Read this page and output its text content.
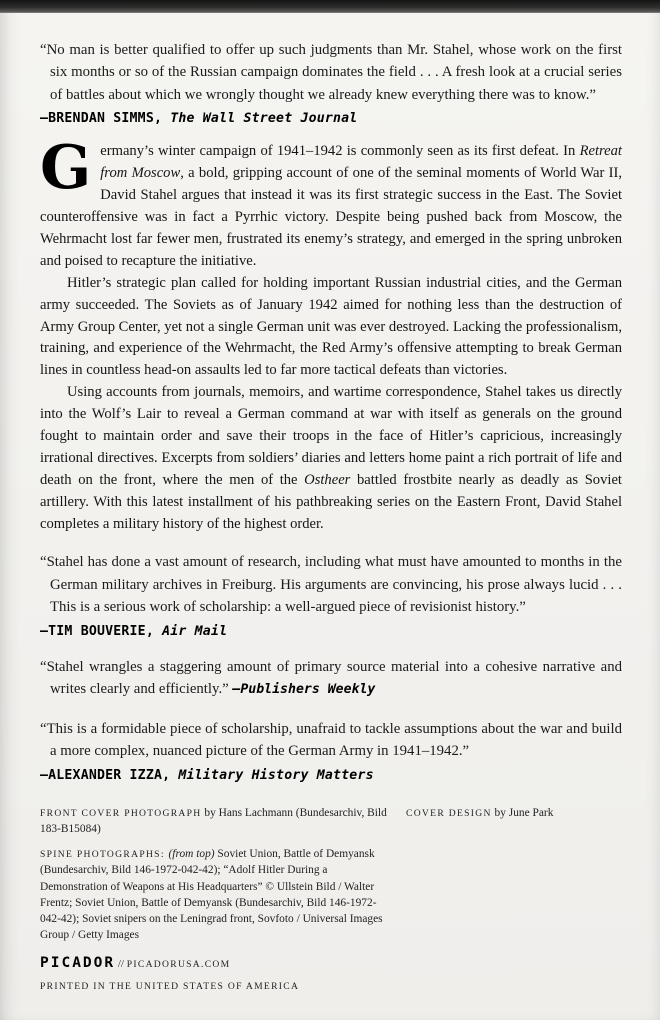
“No man is better qualified to offer up such judgments than Mr. Stahel, whose work on the first six months or so of the Russian campaign dominates the field . . . A fresh look at a crucial series of battles about which we wrongly thought we already knew everything there was to know.”

—BRENDAN SIMMS, The Wall Street Journal

Germany’s winter campaign of 1941–1942 is commonly seen as its first defeat. In Retreat from Moscow, a bold, gripping account of one of the seminal moments of World War II, David Stahel argues that instead it was its first strategic success in the East. The Soviet counteroffensive was in fact a Pyrrhic victory. Despite being pushed back from Moscow, the Wehrmacht lost far fewer men, frustrated its enemy’s strategy, and emerged in the spring unbroken and poised to recapture the initiative.

Hitler’s strategic plan called for holding important Russian industrial cities, and the German army succeeded. The Soviets as of January 1942 aimed for nothing less than the destruction of Army Group Center, yet not a single German unit was ever destroyed. Lacking the professionalism, training, and experience of the Wehrmacht, the Red Army’s offensive attempting to break German lines in countless head-on assaults led to far more tactical defeats than victories.

Using accounts from journals, memoirs, and wartime correspondence, Stahel takes us directly into the Wolf’s Lair to reveal a German command at war with itself as generals on the ground fought to maintain order and save their troops in the face of Hitler’s capricious, increasingly irrational directives. Excerpts from soldiers’ diaries and letters home paint a rich portrait of life and death on the front, where the men of the Ostheer battled frostbite nearly as deadly as Soviet artillery. With this latest installment of his pathbreaking series on the Eastern Front, David Stahel completes a military history of the highest order.

“Stahel has done a vast amount of research, including what must have amounted to months in the German military archives in Freiburg. His arguments are convincing, his prose always lucid . . . This is a serious work of scholarship: a well-argued piece of revisionist history.”

—TIM BOUVERIE, Air Mail

“Stahel wrangles a staggering amount of primary source material into a cohesive narrative and writes clearly and efficiently.” —Publishers Weekly

“This is a formidable piece of scholarship, unafraid to tackle assumptions about the war and build a more complex, nuanced picture of the German Army in 1941–1942.”

—ALEXANDER IZZA, Military History Matters

FRONT COVER PHOTOGRAPH by Hans Lachmann (Bundesarchiv, Bild 183-B15084)
COVER DESIGN by June Park
SPINE PHOTOGRAPHS: (from top) Soviet Union, Battle of Demyansk (Bundesarchiv, Bild 146-1972-042-42); “Adolf Hitler During a Demonstration of Weapons at His Headquarters” © Ullstein Bild / Walter Frentz; Soviet Union, Battle of Demyansk (Bundesarchiv, Bild 146-1972-042-42); Soviet snipers on the Leningrad front, Sovfoto / Universal Images Group / Getty Images
PICADOR // PICADORUSA.COM
PRINTED IN THE UNITED STATES OF AMERICA
